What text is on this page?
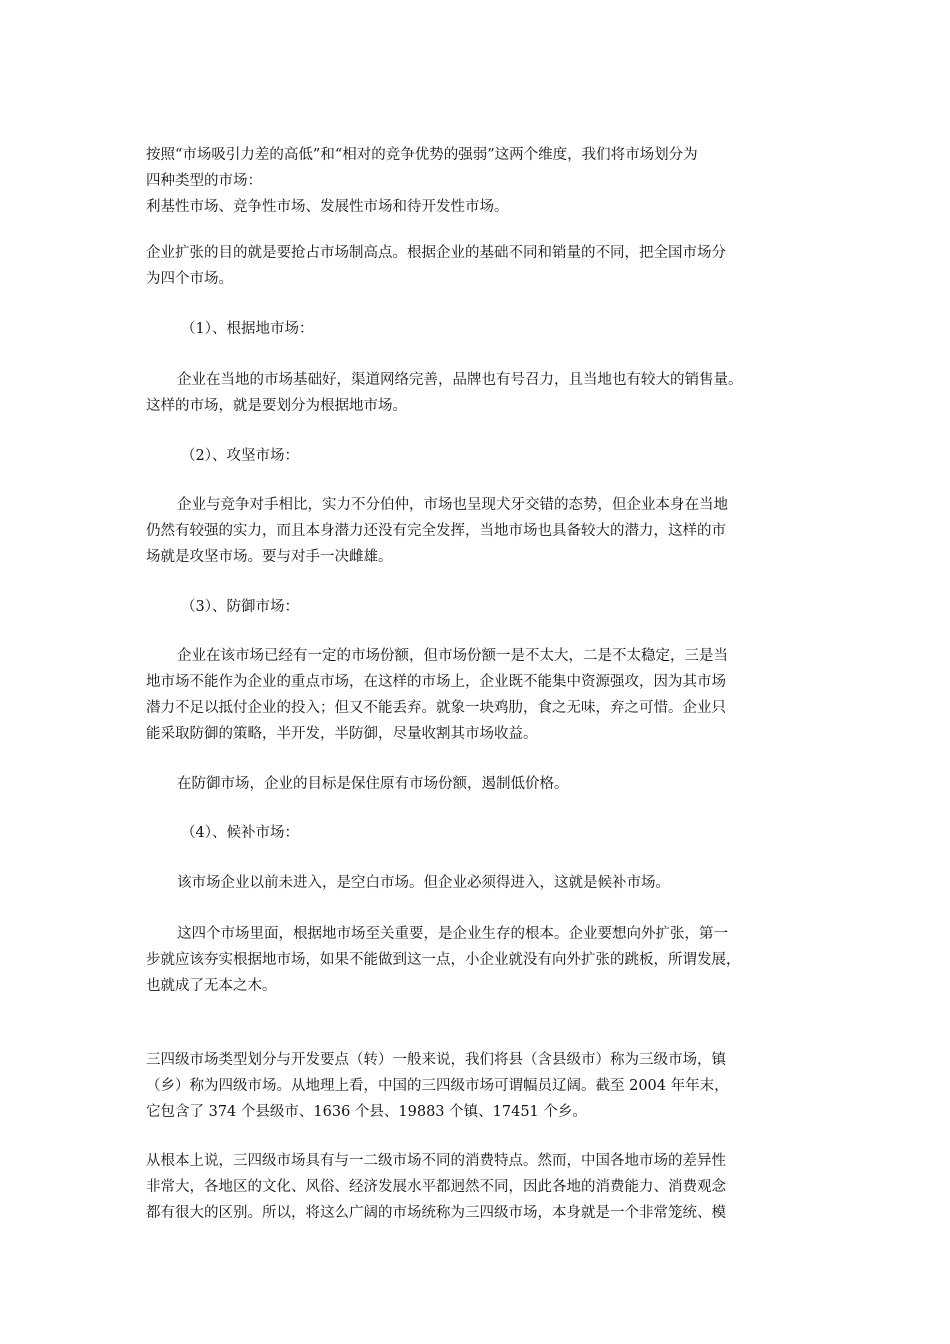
按照“市场吸引力差的高低”和“相对的竞争优势的强弱”这两个维度，我们将市场划分为
四种类型的市场：
利基性市场、竞争性市场、发展性市场和待开发性市场。
企业扩张的目的就是要抢占市场制高点。根据企业的基础不同和销量的不同，把全国市场分
为四个市场。
（1）、根据地市场：
企业在当地的市场基础好，渠道网络完善，品牌也有号召力，且当地也有较大的销售量。
这样的市场，就是要划分为根据地市场。
（2）、攻坚市场：
企业与竞争对手相比，实力不分伯仲，市场也呈现犬牙交错的态势，但企业本身在当地
仍然有较强的实力，而且本身潜力还没有完全发挥，当地市场也具备较大的潜力，这样的市
场就是攻坚市场。要与对手一决雌雄。
（3）、防御市场：
企业在该市场已经有一定的市场份额，但市场份额一是不太大，二是不太稳定，三是当
地市场不能作为企业的重点市场，在这样的市场上，企业既不能集中资源强攻，因为其市场
潜力不足以抵付企业的投入；但又不能丢弃。就象一块鸡肋，食之无味，弃之可惜。企业只
能采取防御的策略，半开发，半防御，尽量收割其市场收益。
在防御市场，企业的目标是保住原有市场份额，遏制低价格。
（4）、候补市场：
该市场企业以前未进入，是空白市场。但企业必须得进入，这就是候补市场。
这四个市场里面，根据地市场至关重要，是企业生存的根本。企业要想向外扩张，第一
步就应该夯实根据地市场，如果不能做到这一点，小企业就没有向外扩张的跳板，所谓发展，
也就成了无本之木。
三四级市场类型划分与开发要点（转）一般来说，我们将县（含县级市）称为三级市场，镇
（乡）称为四级市场。从地理上看，中国的三四级市场可谓幅员辽阔。截至 2004 年年末，
它包含了 374 个县级市、1636 个县、19883 个镇、17451 个乡。
从根本上说，三四级市场具有与一二级市场不同的消费特点。然而，中国各地市场的差异性
非常大，各地区的文化、风俗、经济发展水平都迥然不同，因此各地的消费能力、消费观念
都有很大的区别。所以，将这么广阔的市场统称为三四级市场，本身就是一个非常笼统、模
